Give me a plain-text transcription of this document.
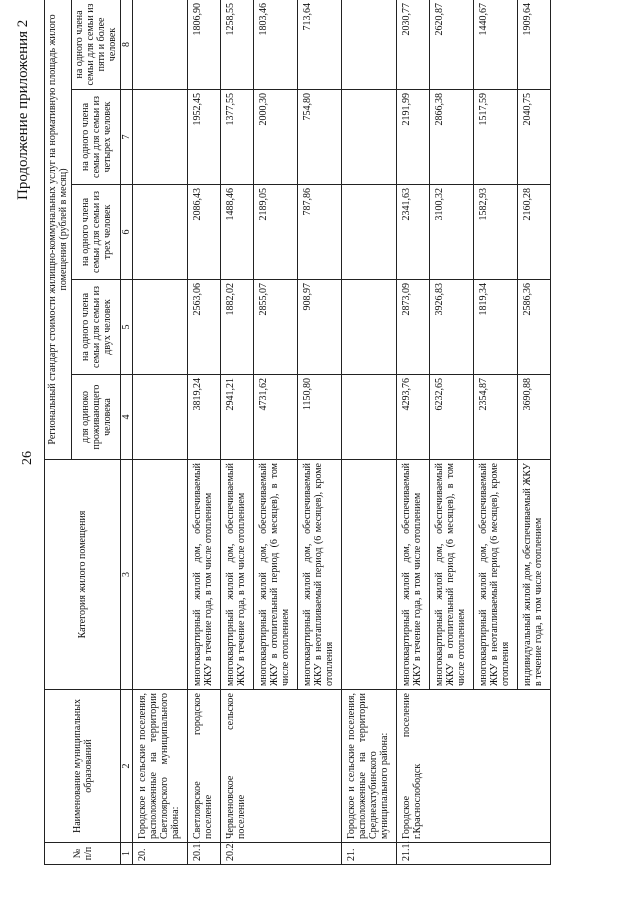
26
Продолжение приложения 2
№ п/п	Наименование муниципальных образований	Категория жилого помещения	Региональный стандарт стоимости жилищно-коммунальных услуг на нормативную площадь жилого помещения (рублей в месяц)				
			для одиноко проживающего человека	на одного члена семьи для семьи из двух человек	на одного члена семьи для семьи из трех человек	на одного члена семьи для семьи из четырех человек	на одного члена семьи для семьи из пяти и более человек
1	2	3	4	5	6	7	8
20.	Городское и сельские поселения, расположенные на территории Светлоярского муниципального района:						
20.1.	Светлоярское городское поселение	многоквартирный жилой дом, обеспечиваемый ЖКУ в течение года, в том числе отоплением	3819,24	2563,06	2086,43	1952,45	1806,90
20.2.	Червленовское сельское поселение	многоквартирный жилой дом, обеспечиваемый ЖКУ в течение года, в том числе отоплением	2941,21	1882,02	1488,46	1377,55	1258,55
		многоквартирный жилой дом, обеспечиваемый ЖКУ в отопительный период (6 месяцев), в том числе отоплением	4731,62	2855,07	2189,05	2000,30	1803,46
		многоквартирный жилой дом, обеспечиваемый ЖКУ в неотапливаемый период (6 месяцев), кроме отопления	1150,80	908,97	787,86	754,80	713,64
21.	Городское и сельские поселения, расположенные на территории Среднеахтубинского муниципального района:						
21.1.	Городское поселение г.Краснослободск	многоквартирный жилой дом, обеспечиваемый ЖКУ в течение года, в том числе отоплением	4293,76	2873,09	2341,63	2191,99	2030,77
		многоквартирный жилой дом, обеспечиваемый ЖКУ в отопительный период (6 месяцев), в том числе отоплением	6232,65	3926,83	3100,32	2866,38	2620,87
		многоквартирный жилой дом, обеспечиваемый ЖКУ в неотапливаемый период (6 месяцев), кроме отопления	2354,87	1819,34	1582,93	1517,59	1440,67
		индивидуальный жилой дом, обеспечиваемый ЖКУ в течение года, в том числе отоплением	3690,88	2586,36	2160,28	2040,75	1909,64
